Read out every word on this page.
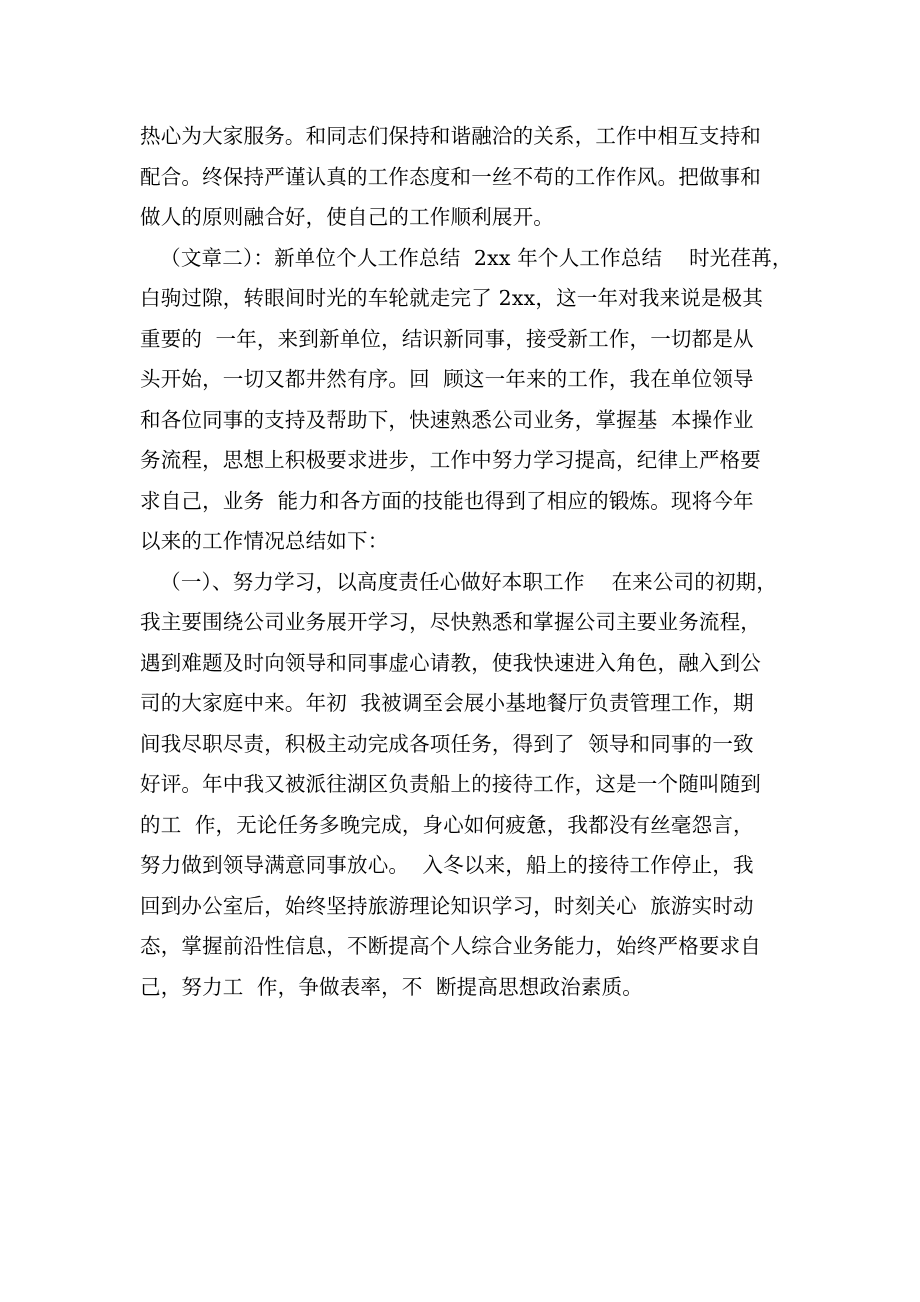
热心为大家服务。和同志们保持和谐融洽的关系，工作中相互支持和
配合。终保持严谨认真的工作态度和一丝不苟的工作作风。把做事和
做人的原则融合好，使自己的工作顺利展开。
（文章二）：新单位个人工作总结  2xx 年个人工作总结    时光荏苒，
白驹过隙，转眼间时光的车轮就走完了 2xx，这一年对我来说是极其
重要的  一年，来到新单位，结识新同事，接受新工作，一切都是从
头开始，一切又都井然有序。回  顾这一年来的工作，我在单位领导
和各位同事的支持及帮助下，快速熟悉公司业务，掌握基  本操作业
务流程，思想上积极要求进步，工作中努力学习提高，纪律上严格要
求自己，业务  能力和各方面的技能也得到了相应的锻炼。现将今年
以来的工作情况总结如下：
（一）、努力学习，以高度责任心做好本职工作    在来公司的初期，
我主要围绕公司业务展开学习，尽快熟悉和掌握公司主要业务流程，
遇到难题及时向领导和同事虚心请教，使我快速进入角色，融入到公
司的大家庭中来。年初  我被调至会展小基地餐厅负责管理工作，期
间我尽职尽责，积极主动完成各项任务，得到了  领导和同事的一致
好评。年中我又被派往湖区负责船上的接待工作，这是一个随叫随到
的工  作，无论任务多晚完成，身心如何疲惫，我都没有丝毫怨言，
努力做到领导满意同事放心。  入冬以来，船上的接待工作停止，我
回到办公室后，始终坚持旅游理论知识学习，时刻关心  旅游实时动
态，掌握前沿性信息，不断提高个人综合业务能力，始终严格要求自
己，努力工  作，争做表率，不  断提高思想政治素质。
